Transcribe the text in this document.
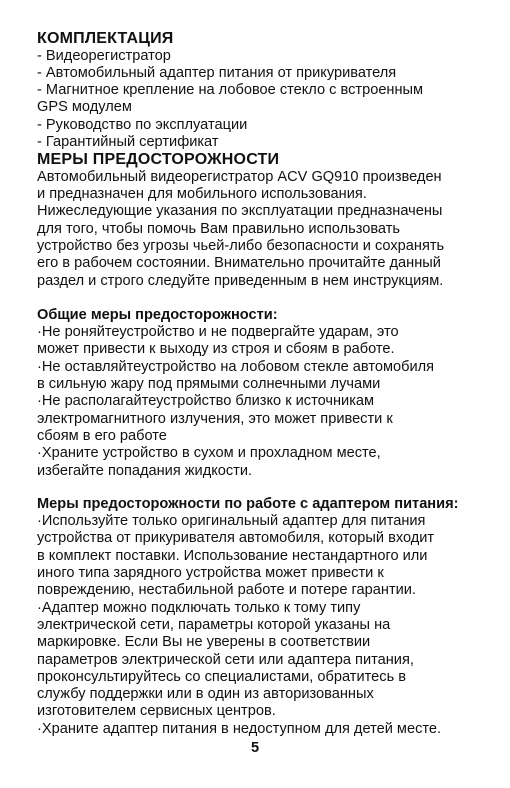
КОМПЛЕКТАЦИЯ

- Видеорегистратор

- Автомобильный адаптер питания от прикуривателя

- Магнитное крепление на лобовое стекло с встроенным

GPS модулем

- Руководство по эксплуатации

- Гарантийный сертификат

МЕРЫ ПРЕДОСТОРОЖНОСТИ

Автомобильный видеорегистратор ACV GQ910 произведен

и предназначен для мобильного использования.

Нижеследующие указания по эксплуатации предназначены

для того, чтобы помочь Вам правильно использовать

устройство без угрозы чьей-либо безопасности и сохранять

его в рабочем состоянии. Внимательно прочитайте данный

раздел и строго следуйте приведенным в нем инструкциям.

Общие меры предосторожности:

·Не роняйтеустройство и не подвергайте ударам, это

может привести к выходу из строя и сбоям в работе.

·Не оставляйтеустройство на лобовом стекле автомобиля

в сильную жару под прямыми солнечными лучами

·Не располагайтеустройство близко к источникам

электромагнитного излучения, это может привести к

сбоям в его работе

·Храните устройство в сухом и прохладном месте,

избегайте попадания жидкости.

Меры предосторожности по работе с адаптером питания:

·Используйте только оригинальный адаптер для питания

устройства от прикуривателя автомобиля, который входит

в комплект поставки. Использование нестандартного или

иного типа зарядного устройства может привести к

повреждению, нестабильной работе и потере гарантии.

·Адаптер можно подключать только к тому типу

электрической сети, параметры которой указаны на

маркировке. Если Вы не уверены в соответствии

параметров электрической сети или адаптера питания,

проконсультируйтесь со специалистами, обратитесь в

службу поддержки или в один из авторизованных

изготовителем сервисных центров.

·Храните адаптер питания в недоступном для детей месте.

5
